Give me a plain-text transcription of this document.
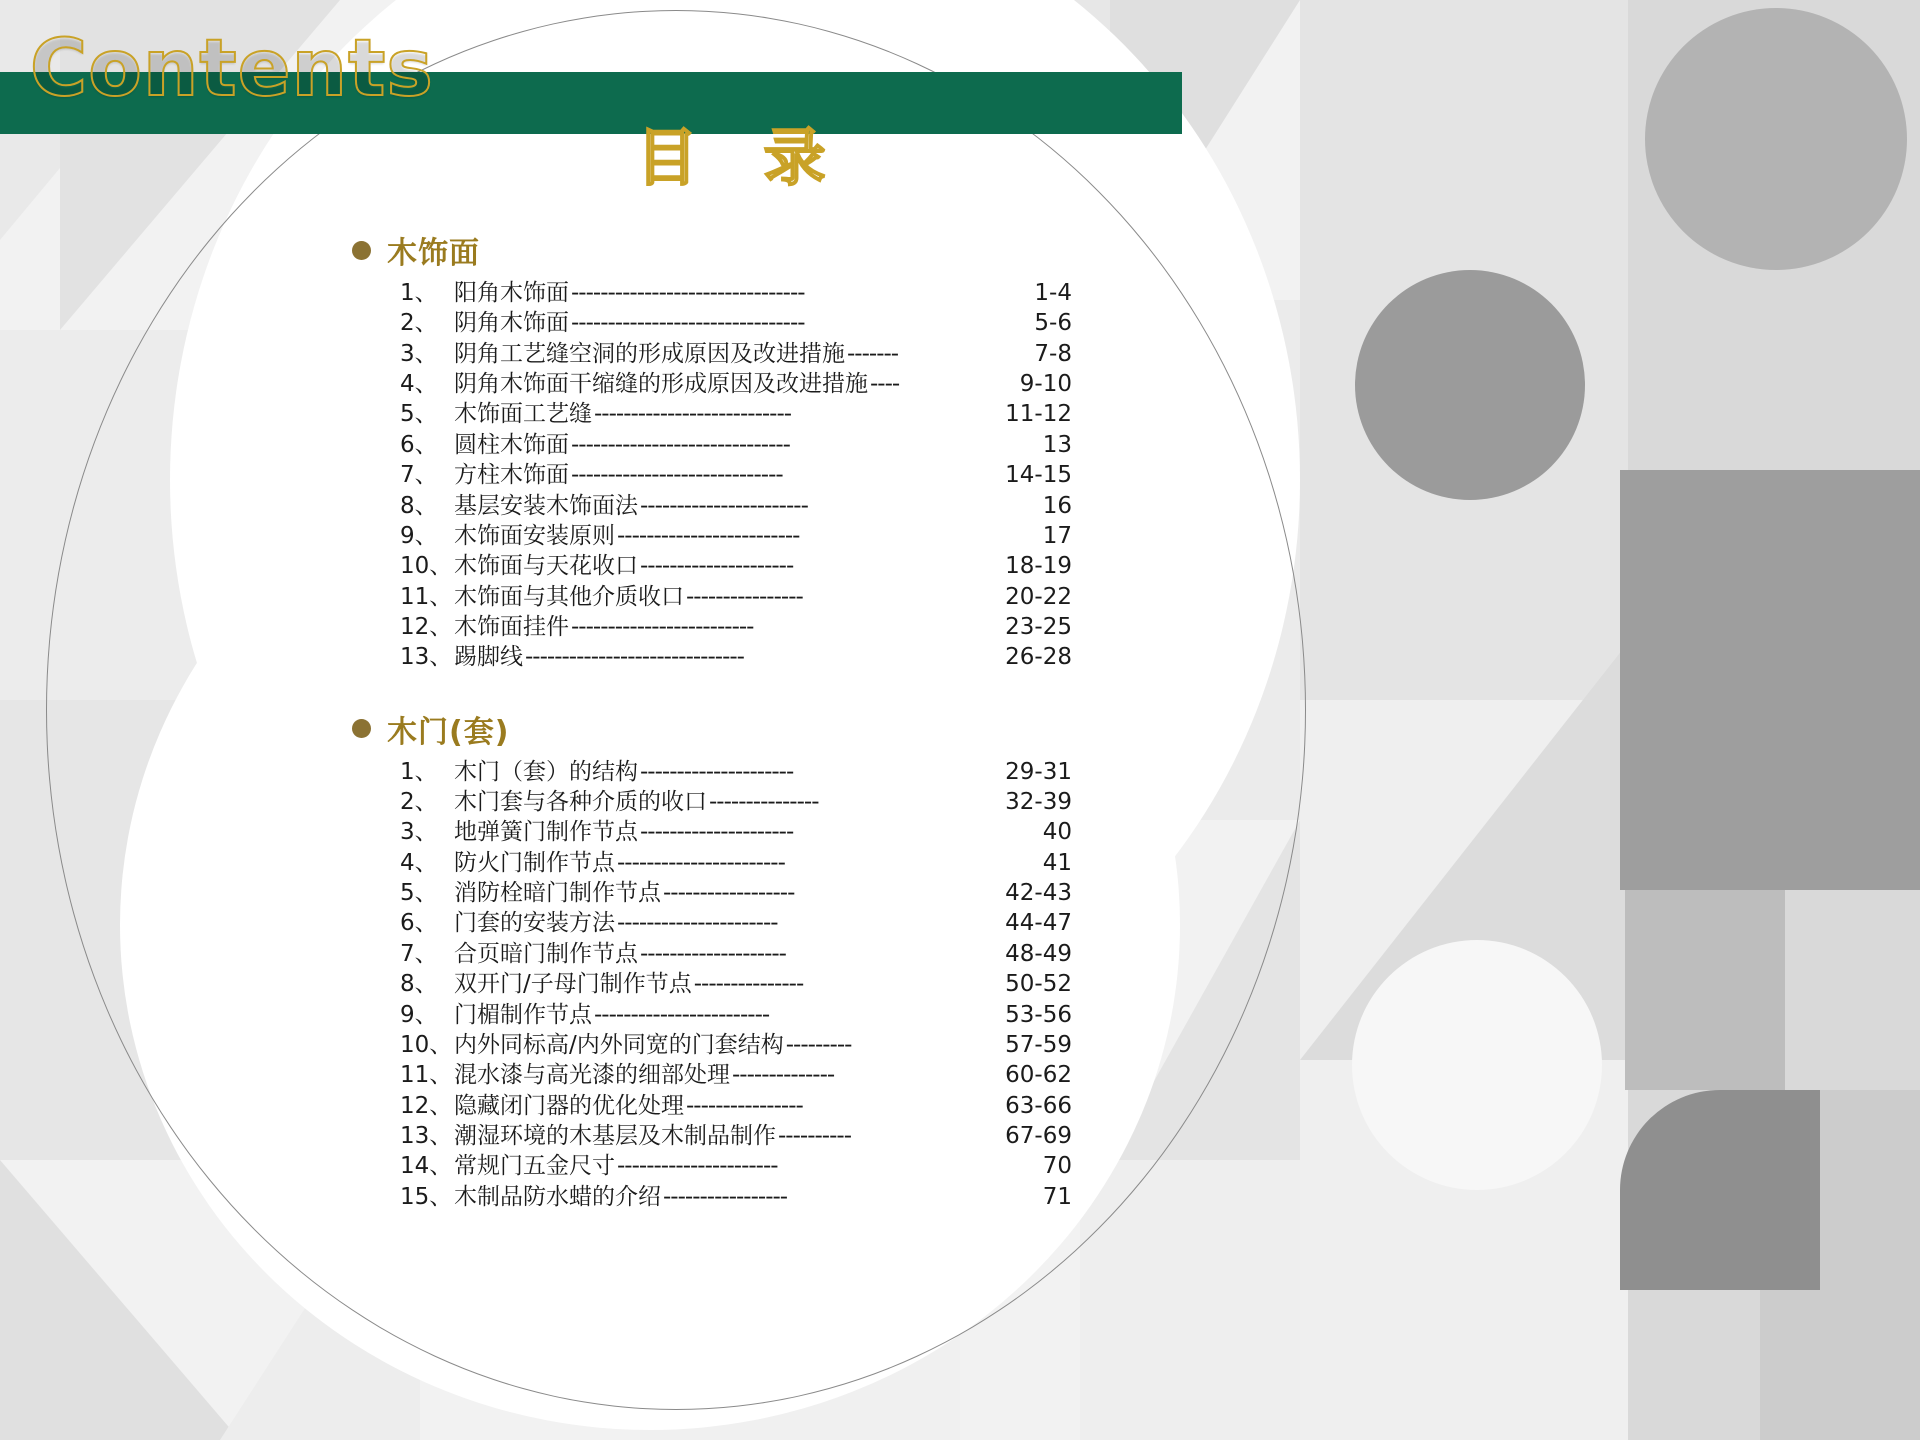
Contents
目 录
木饰面
1、 阳角木饰面 --------------------------------	1-4
2、 阴角木饰面 --------------------------------	5-6
3、 阴角工艺缝空洞的形成原因及改进措施 -------	7-8
4、 阴角木饰面干缩缝的形成原因及改进措施 ----	9-10
5、 木饰面工艺缝 ---------------------------	11-12
6、 圆柱木饰面 ------------------------------	13
7、 方柱木饰面 -----------------------------	14-15
8、 基层安装木饰面法 -----------------------	16
9、 木饰面安装原则 -------------------------	17
10、 木饰面与天花收口 ---------------------	18-19
11、 木饰面与其他介质收口 ----------------	20-22
12、 木饰面挂件 -------------------------	23-25
13、 踢脚线 ------------------------------	26-28
木门(套)
1、 木门（套）的结构 ---------------------	29-31
2、 木门套与各种介质的收口 ---------------	32-39
3、 地弹簧门制作节点 ---------------------	40
4、 防火门制作节点 -----------------------	41
5、 消防栓暗门制作节点 ------------------	42-43
6、 门套的安装方法 ----------------------	44-47
7、 合页暗门制作节点 --------------------	48-49
8、 双开门/子母门制作节点 ---------------	50-52
9、 门楣制作节点 ------------------------	53-56
10、 内外同标高/内外同宽的门套结构 ---------	57-59
11、 混水漆与高光漆的细部处理 --------------	60-62
12、 隐藏闭门器的优化处理 ----------------	63-66
13、 潮湿环境的木基层及木制品制作 ----------	67-69
14、 常规门五金尺寸 ----------------------	70
15、 木制品防水蜡的介绍 -----------------	71
